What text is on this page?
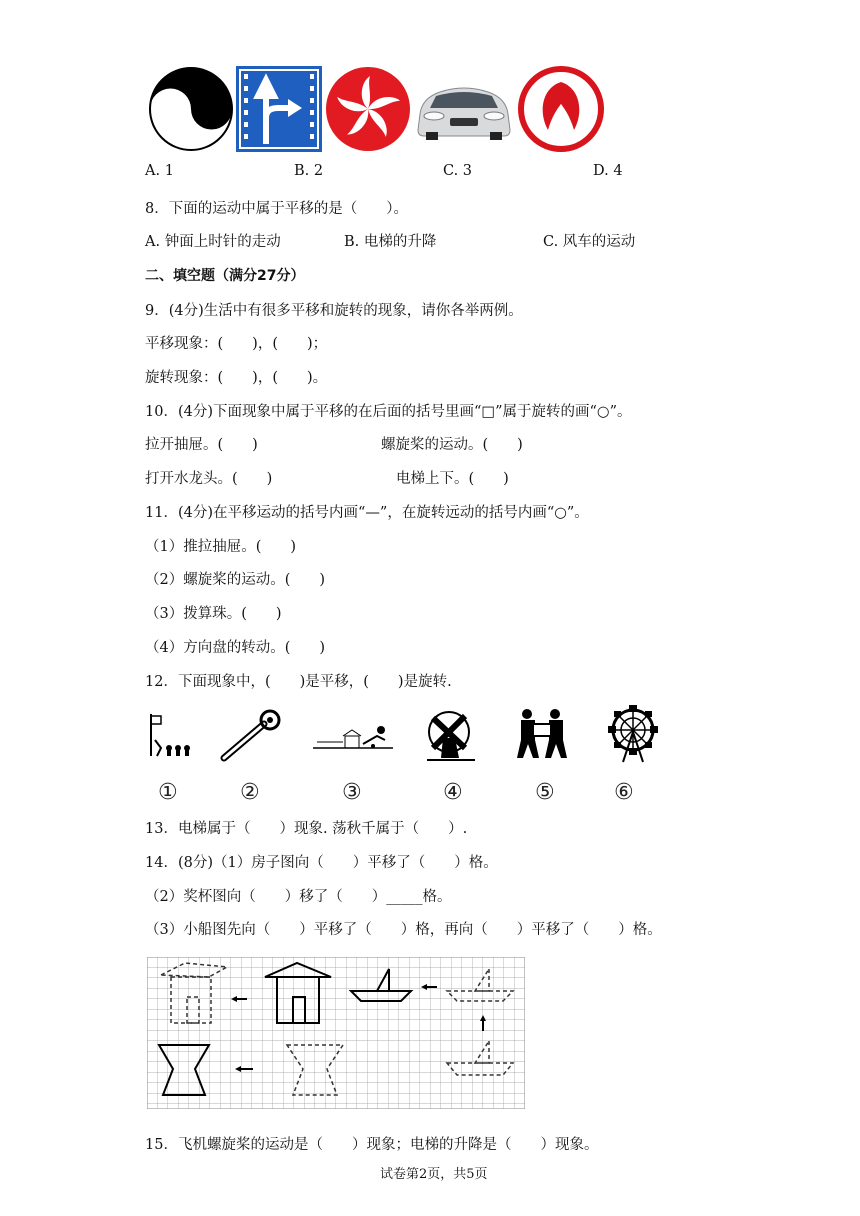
A. 1	B. 2	C. 3	D. 4
8．下面的运动中属于平移的是（　　）。
A. 钟面上时针的走动	B. 电梯的升降	C. 风车的运动
二、填空题（满分27分）
9．(4分)生活中有很多平移和旋转的现象，请你各举两例。
平移现象：(　　)，(　　)；
旋转现象：(　　)，(　　)。
10．(4分)下面现象中属于平移的在后面的括号里画“□”属于旋转的画“○”。
拉开抽屉。(　　)	螺旋桨的运动。(　　)
打开水龙头。(　　)	电梯上下。(　　)
11．(4分)在平移运动的括号内画“—”，在旋转远动的括号内画“○”。
（1）推拉抽屉。(　　)
（2）螺旋桨的运动。(　　)
（3）拨算珠。(　　)
（4）方向盘的转动。(　　)
12．下面现象中，(　　)是平移，(　　)是旋转.
①	②	③	④	⑤	⑥
13．电梯属于（　　）现象. 荡秋千属于（　　）.
14．(8分)（1）房子图向（　　）平移了（　　）格。
（2）奖杯图向（　　）移了（　　）_____格。
（3）小船图先向（　　）平移了（　　）格，再向（　　）平移了（　　）格。
15．飞机螺旋桨的运动是（　　）现象；电梯的升降是（　　）现象。
试卷第2页，共5页
